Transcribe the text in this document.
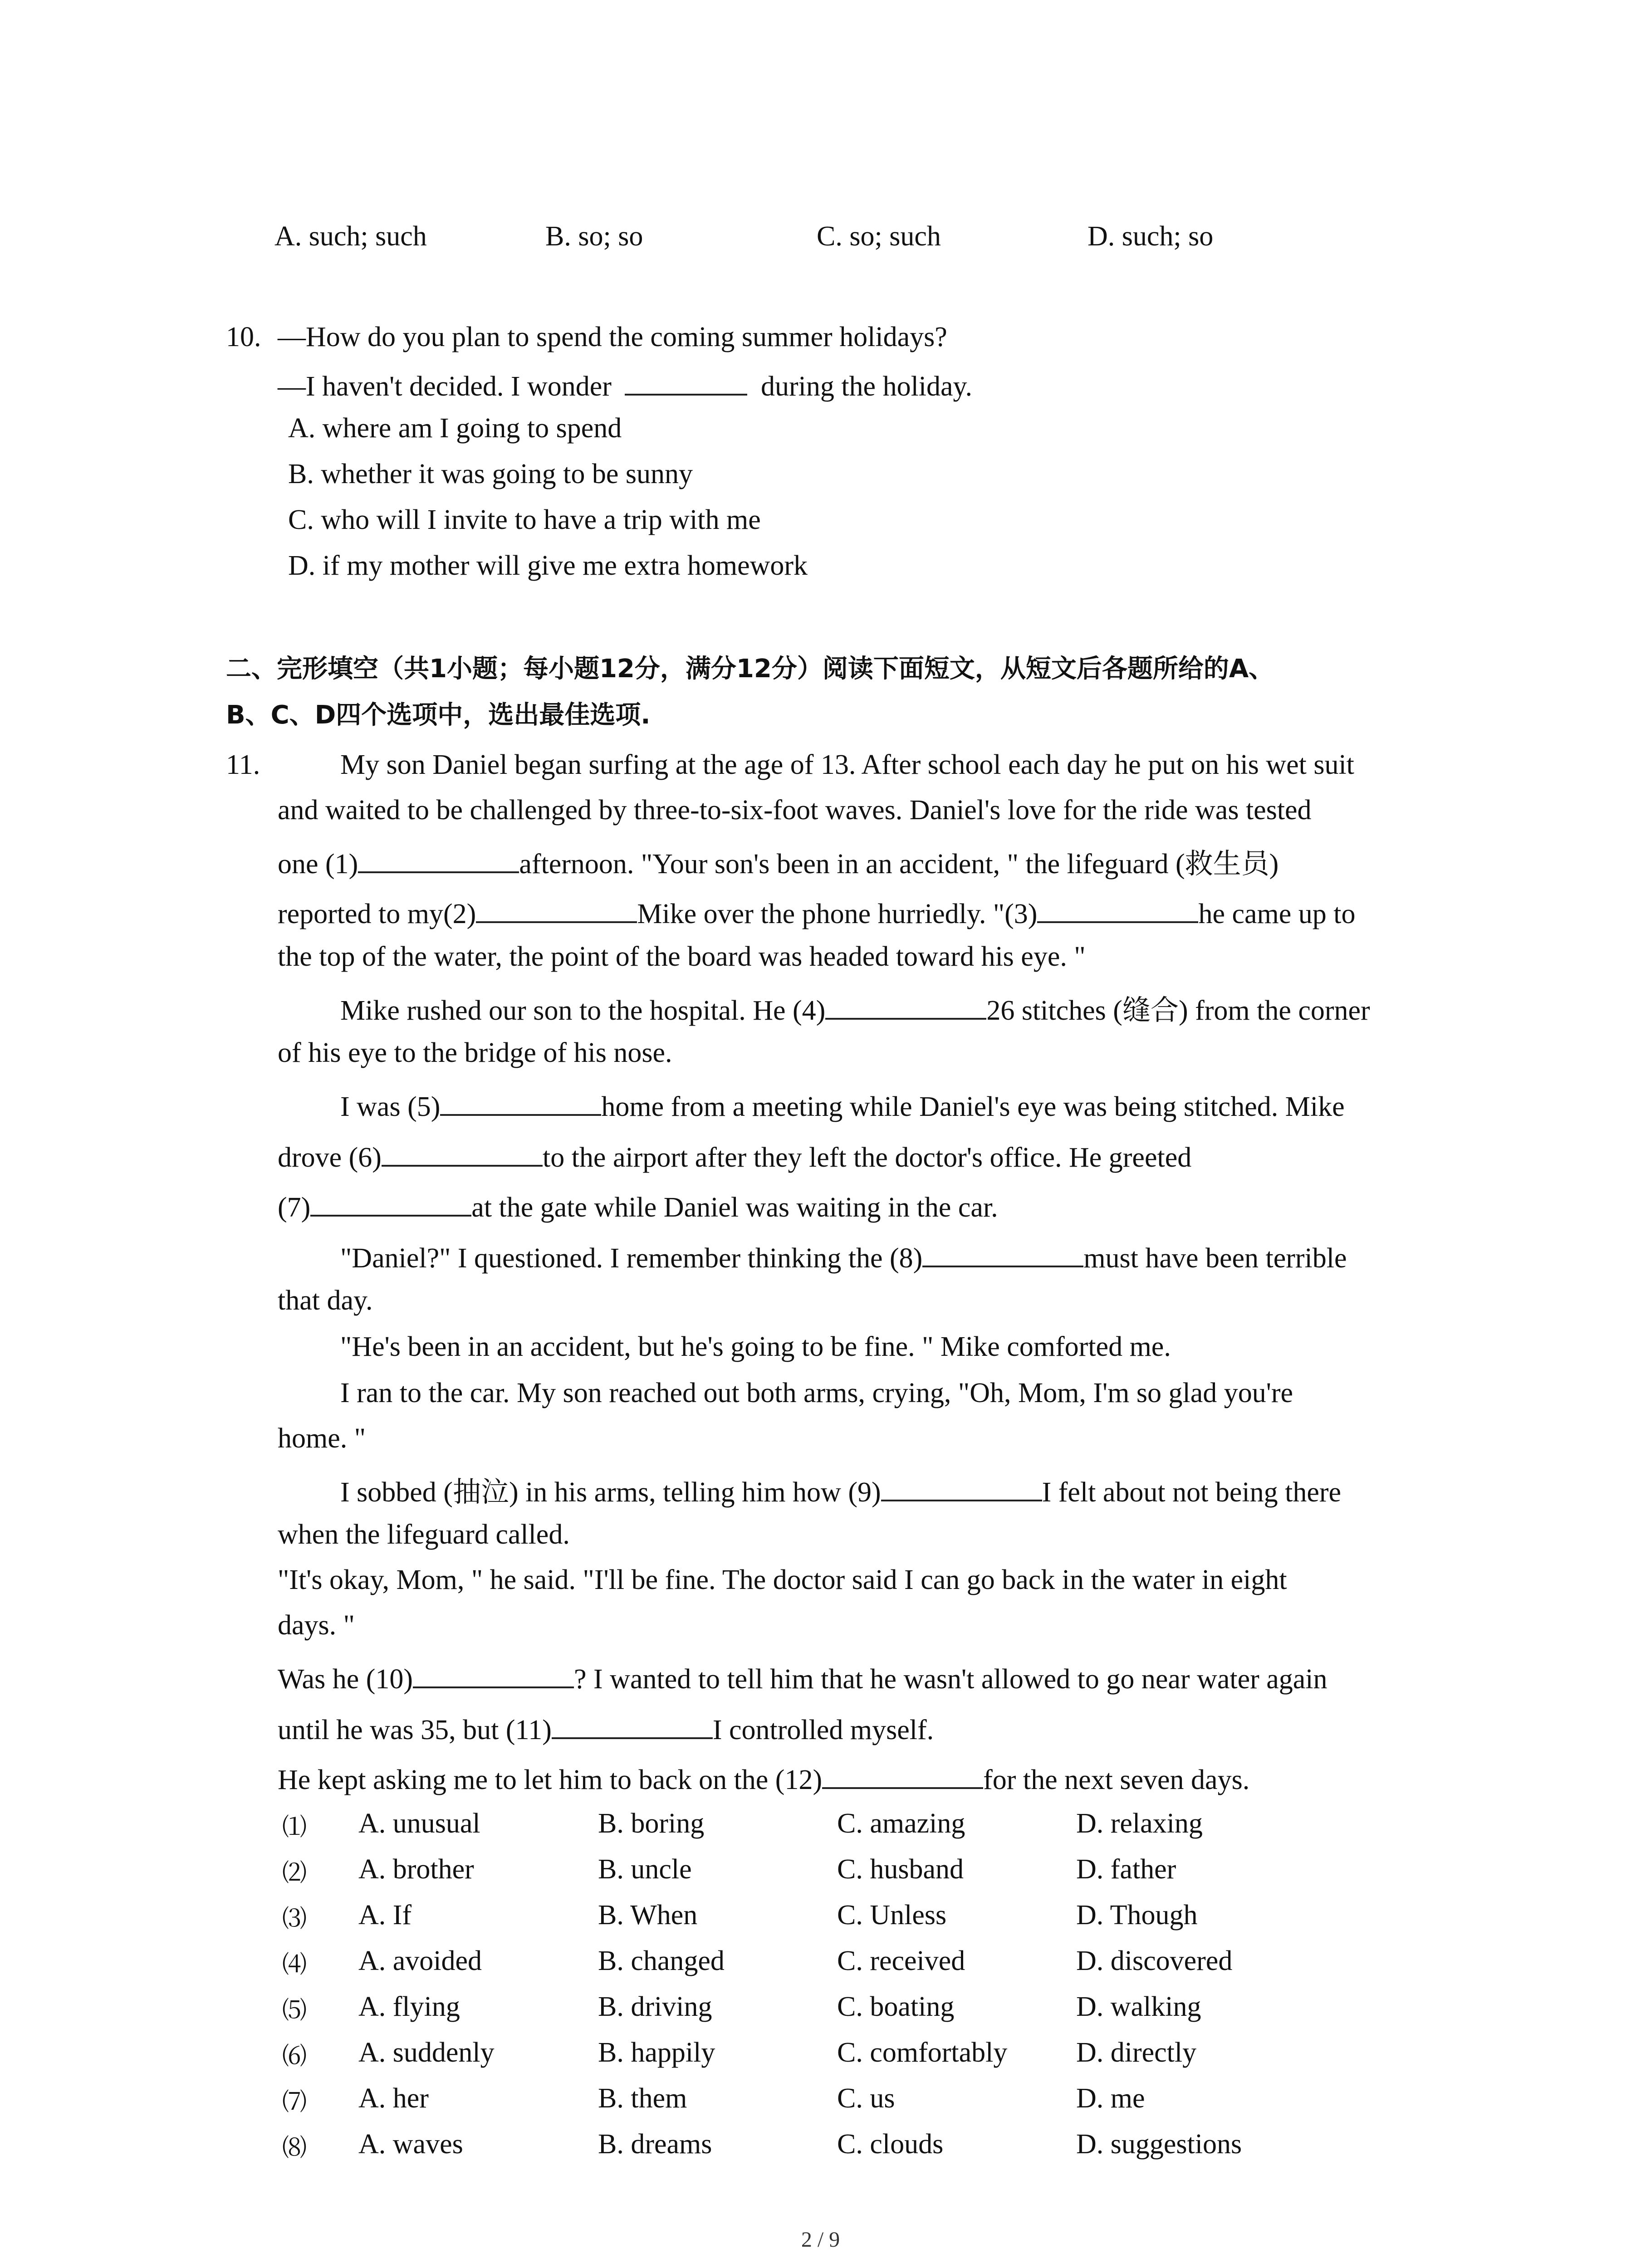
A. such; such	B. so; so	C. so; such	D. such; so
10. —How do you plan to spend the coming summer holidays?
—I haven't decided. I wonder	during the holiday.
A. where am I going to spend
B. whether it was going to be sunny
C. who will I invite to have a trip with me
D. if my mother will give me extra homework
二、完形填空（共1小题；每小题12分，满分12分）阅读下面短文，从短文后各题所给的A、
B、C、D四个选项中，选出最佳选项.
11.	My son Daniel began surfing at the age of 13. After school each day he put on his wet suit
and waited to be challenged by three-to-six-foot waves. Daniel's love for the ride was tested
one (1)	afternoon. "Your son's been in an accident, " the lifeguard (救生员)
reported to my(2)	Mike over the phone hurriedly. "(3)	he came up to
the top of the water, the point of the board was headed toward his eye. "
Mike rushed our son to the hospital. He (4)	26 stitches (缝合) from the corner
of his eye to the bridge of his nose.
I was (5)	home from a meeting while Daniel's eye was being stitched. Mike
drove (6)	to the airport after they left the doctor's office. He greeted
(7)	at the gate while Daniel was waiting in the car.
"Daniel?" I questioned. I remember thinking the (8)	must have been terrible
that day.
"He's been in an accident, but he's going to be fine. " Mike comforted me.
I ran to the car. My son reached out both arms, crying, "Oh, Mom, I'm so glad you're
home. "
I sobbed (抽泣) in his arms, telling him how (9)	I felt about not being there
when the lifeguard called.
"It's okay, Mom, " he said. "I'll be fine. The doctor said I can go back in the water in eight
days. "
Was he (10)	? I wanted to tell him that he wasn't allowed to go near water again
until he was 35, but (11)	I controlled myself.
He kept asking me to let him to back on the (12)	for the next seven days.
⑴ A. unusual	B. boring	C. amazing	D. relaxing
⑵ A. brother	B. uncle	C. husband	D. father
⑶ A. If	B. When	C. Unless	D. Though
⑷ A. avoided	B. changed	C. received	D. discovered
⑸ A. flying	B. driving	C. boating	D. walking
⑹ A. suddenly	B. happily	C. comfortably D. directly
⑺ A. her	B. them	C. us	D. me
⑻ A. waves	B. dreams	C. clouds	D. suggestions
2 / 9
